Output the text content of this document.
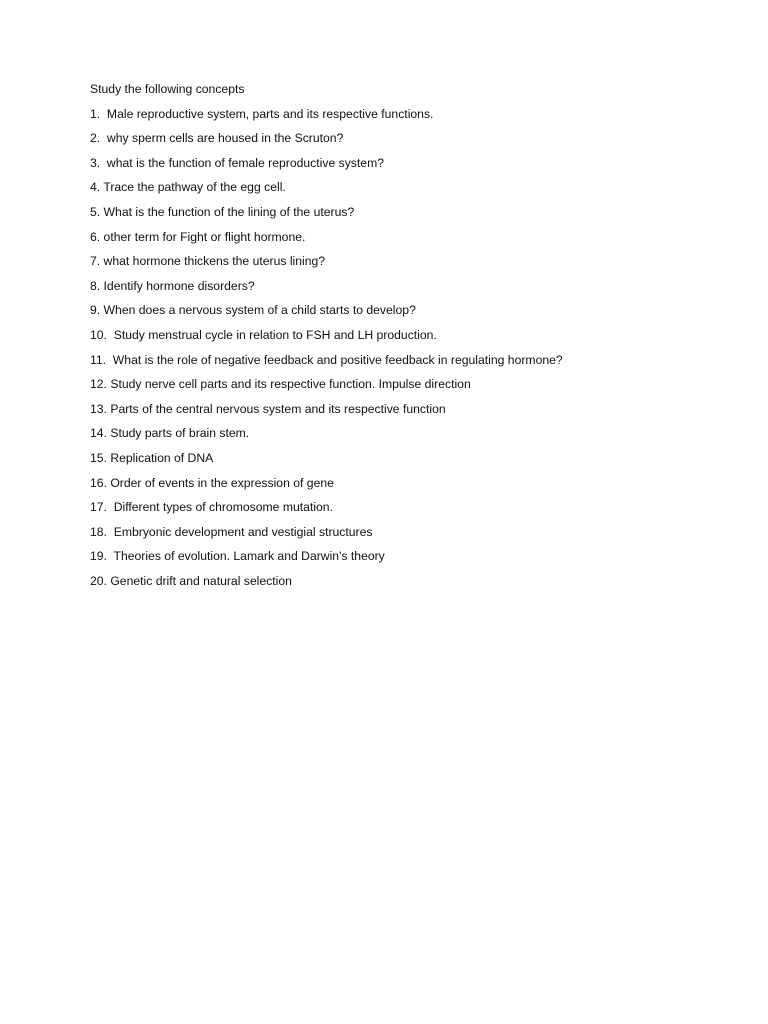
Study the following concepts
1.  Male reproductive system, parts and its respective functions.
2.  why sperm cells are housed in the Scruton?
3.  what is the function of female reproductive system?
4. Trace the pathway of the egg cell.
5. What is the function of the lining of the uterus?
6. other term for Fight or flight hormone.
7. what hormone thickens the uterus lining?
8. Identify hormone disorders?
9. When does a nervous system of a child starts to develop?
10.  Study menstrual cycle in relation to FSH and LH production.
11.  What is the role of negative feedback and positive feedback in regulating hormone?
12. Study nerve cell parts and its respective function. Impulse direction
13. Parts of the central nervous system and its respective function
14. Study parts of brain stem.
15. Replication of DNA
16. Order of events in the expression of gene
17.  Different types of chromosome mutation.
18.  Embryonic development and vestigial structures
19.  Theories of evolution. Lamark and Darwin's theory
20. Genetic drift and natural selection
